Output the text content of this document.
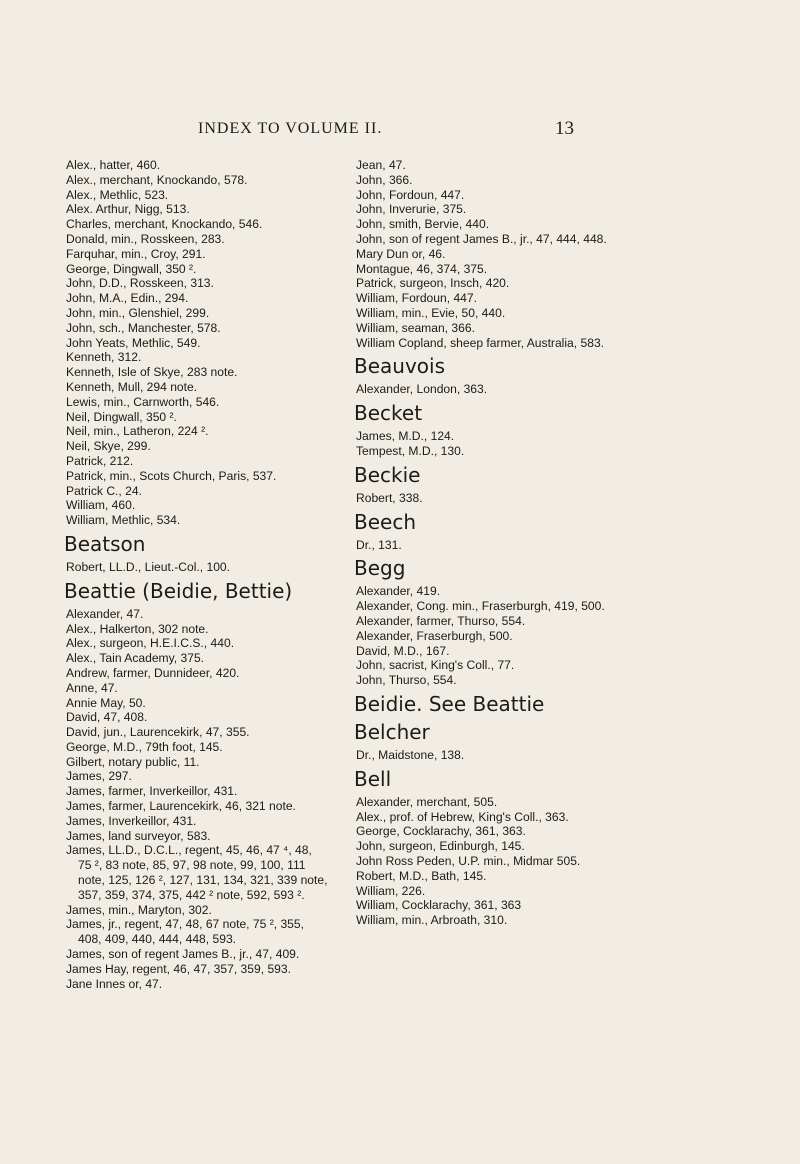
INDEX TO VOLUME II.	13
Alex., hatter, 460.
Alex., merchant, Knockando, 578.
Alex., Methlic, 523.
Alex. Arthur, Nigg, 513.
Charles, merchant, Knockando, 546.
Donald, min., Rosskeen, 283.
Farquhar, min., Croy, 291.
George, Dingwall, 350 ².
John, D.D., Rosskeen, 313.
John, M.A., Edin., 294.
John, min., Glenshiel, 299.
John, sch., Manchester, 578.
John Yeats, Methlic, 549.
Kenneth, 312.
Kenneth, Isle of Skye, 283 note.
Kenneth, Mull, 294 note.
Lewis, min., Carnworth, 546.
Neil, Dingwall, 350 ².
Neil, min., Latheron, 224 ².
Neil, Skye, 299.
Patrick, 212.
Patrick, min., Scots Church, Paris, 537.
Patrick C., 24.
William, 460.
William, Methlic, 534.
Beatson
Robert, LL.D., Lieut.-Col., 100.
Beattie (Beidie, Bettie)
Alexander, 47.
Alex., Halkerton, 302 note.
Alex., surgeon, H.E.I.C.S., 440.
Alex., Tain Academy, 375.
Andrew, farmer, Dunnideer, 420.
Anne, 47.
Annie May, 50.
David, 47, 408.
David, jun., Laurencekirk, 47, 355.
George, M.D., 79th foot, 145.
Gilbert, notary public, 11.
James, 297.
James, farmer, Inverkeillor, 431.
James, farmer, Laurencekirk, 46, 321 note.
James, Inverkeillor, 431.
James, land surveyor, 583.
James, LL.D., D.C.L., regent, 45, 46, 47 ⁴, 48, 75 ², 83 note, 85, 97, 98 note, 99, 100, 111 note, 125, 126 ², 127, 131, 134, 321, 339 note, 357, 359, 374, 375, 442 ² note, 592, 593 ².
James, min., Maryton, 302.
James, jr., regent, 47, 48, 67 note, 75 ², 355, 408, 409, 440, 444, 448, 593.
James, son of regent James B., jr., 47, 409.
James Hay, regent, 46, 47, 357, 359, 593.
Jane Innes or, 47.
Jean, 47.
John, 366.
John, Fordoun, 447.
John, Inverurie, 375.
John, smith, Bervie, 440.
John, son of regent James B., jr., 47, 444, 448.
Mary Dun or, 46.
Montague, 46, 374, 375.
Patrick, surgeon, Insch, 420.
William, Fordoun, 447.
William, min., Evie, 50, 440.
William, seaman, 366.
William Copland, sheep farmer, Australia, 583.
Beauvois
Alexander, London, 363.
Becket
James, M.D., 124.
Tempest, M.D., 130.
Beckie
Robert, 338.
Beech
Dr., 131.
Begg
Alexander, 419.
Alexander, Cong. min., Fraserburgh, 419, 500.
Alexander, farmer, Thurso, 554.
Alexander, Fraserburgh, 500.
David, M.D., 167.
John, sacrist, King's Coll., 77.
John, Thurso, 554.
Beidie. See Beattie
Belcher
Dr., Maidstone, 138.
Bell
Alexander, merchant, 505.
Alex., prof. of Hebrew, King's Coll., 363.
George, Cocklarachy, 361, 363.
John, surgeon, Edinburgh, 145.
John Ross Peden, U.P. min., Midmar 505.
Robert, M.D., Bath, 145.
William, 226.
William, Cocklarachy, 361, 363
William, min., Arbroath, 310.
